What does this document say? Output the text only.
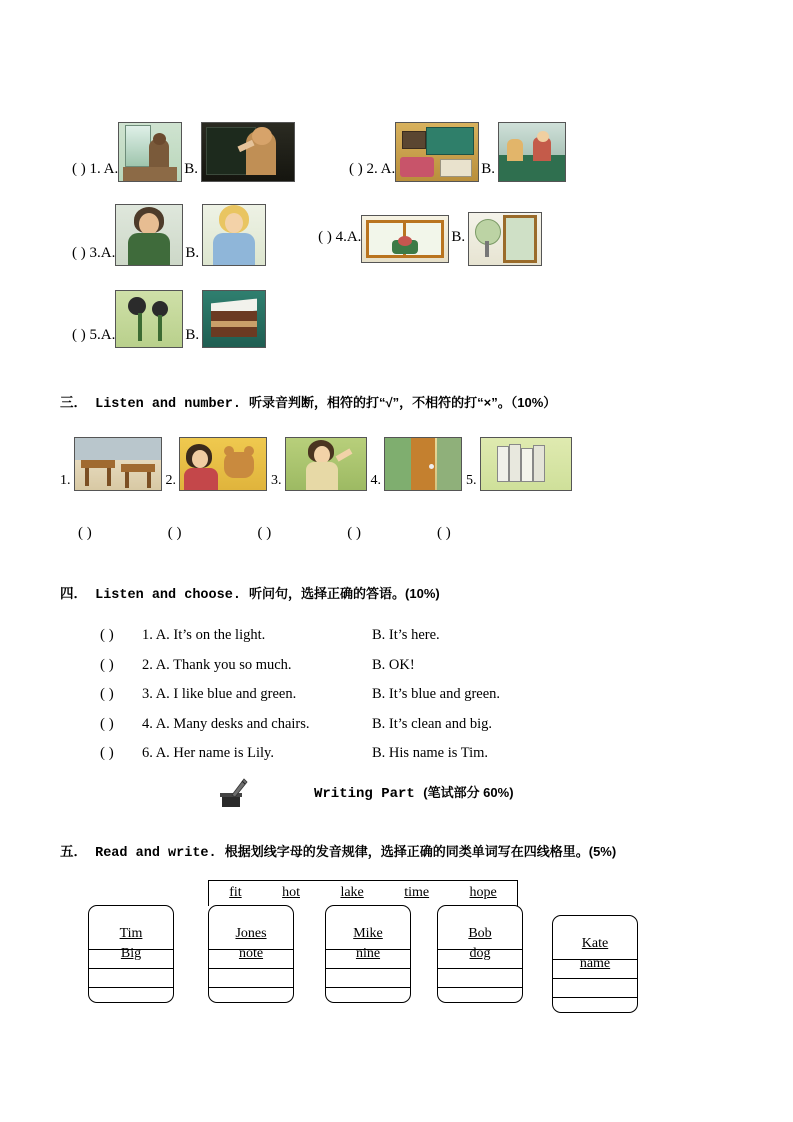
( ) 1. A.	B.	( ) 2. A.	B.
( ) 3.A.	B.
( ) 4.A.	B.
( ) 5.A.	B.
三． Listen and number. 听录音判断，相符的打“√”，不相符的打“×”。（10%）
1.	2.	3.	4.	5.
( )	( )	( )	( )	( )
四． Listen and choose. 听问句，选择正确的答语。(10%)
( )	1. A. It’s on the light.	B. It’s here.
( )	2. A. Thank you so much.	B. OK!
( )	3. A. I like blue and green.	B. It’s blue and green.
( )	4. A. Many desks and chairs.	B. It’s clean and big.
( )	6. A. Her name is Lily.	B. His name is Tim.
Writing Part (笔试部分 60%)
五． Read and write. 根据划线字母的发音规律，选择正确的同类单词写在四线格里。(5%)
fit	hot	lake	time	hope
Tim
Big
Jones
note
Mike
nine
Bob
dog
Kate
name
